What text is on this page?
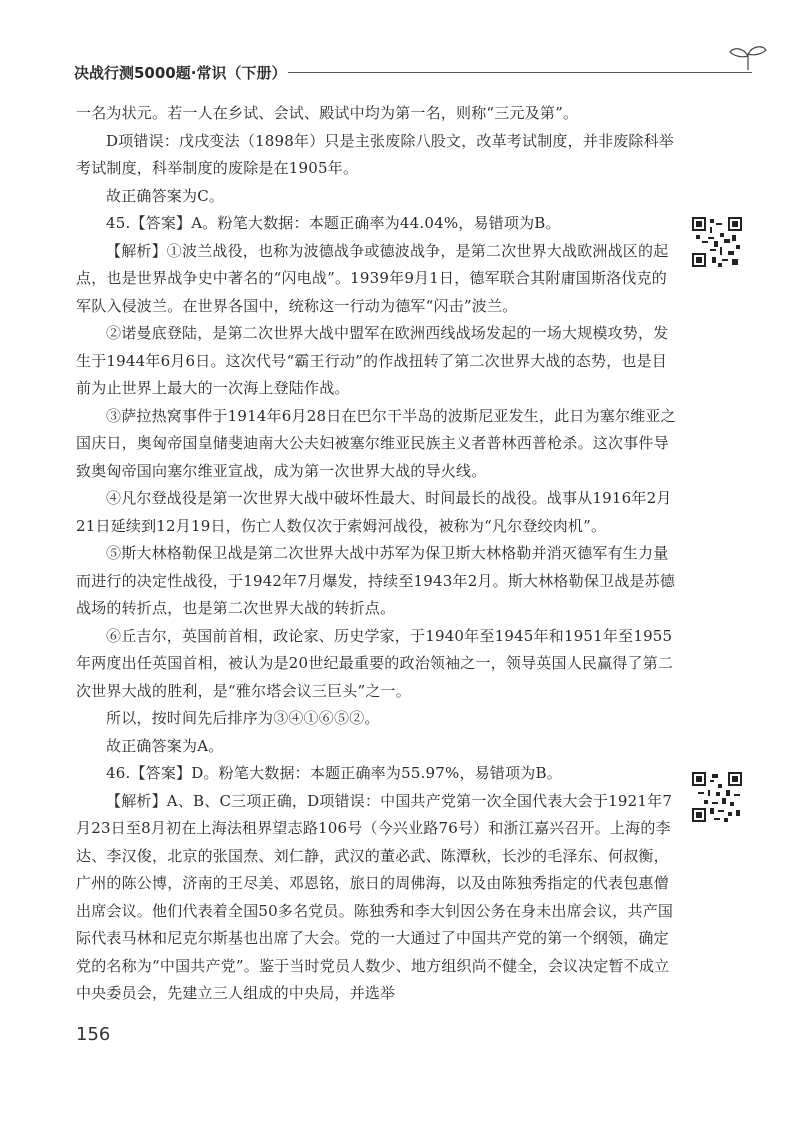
决战行测5000题·常识（下册）

一名为状元。若一人在乡试、会试、殿试中均为第一名，则称“三元及第”。

D项错误：戊戌变法（1898年）只是主张废除八股文，改革考试制度，并非废除科举考试制度，科举制度的废除是在1905年。

故正确答案为C。

45.【答案】A。粉笔大数据：本题正确率为44.04%，易错项为B。

【解析】①波兰战役，也称为波德战争或德波战争，是第二次世界大战欧洲战区的起点，也是世界战争史中著名的“闪电战”。1939年9月1日，德军联合其附庸国斯洛伐克的军队入侵波兰。在世界各国中，统称这一行动为德军“闪击”波兰。

②诺曼底登陆，是第二次世界大战中盟军在欧洲西线战场发起的一场大规模攻势，发生于1944年6月6日。这次代号“霸王行动”的作战扭转了第二次世界大战的态势，也是目前为止世界上最大的一次海上登陆作战。

③萨拉热窝事件于1914年6月28日在巴尔干半岛的波斯尼亚发生，此日为塞尔维亚之国庆日，奥匈帝国皇储斐迪南大公夫妇被塞尔维亚民族主义者普林西普枪杀。这次事件导致奥匈帝国向塞尔维亚宣战，成为第一次世界大战的导火线。

④凡尔登战役是第一次世界大战中破坏性最大、时间最长的战役。战事从1916年2月21日延续到12月19日，伤亡人数仅次于索姆河战役，被称为“凡尔登绞肉机”。

⑤斯大林格勒保卫战是第二次世界大战中苏军为保卫斯大林格勒并消灭德军有生力量而进行的决定性战役，于1942年7月爆发，持续至1943年2月。斯大林格勒保卫战是苏德战场的转折点，也是第二次世界大战的转折点。

⑥丘吉尔，英国前首相，政论家、历史学家，于1940年至1945年和1951年至1955年两度出任英国首相，被认为是20世纪最重要的政治领袖之一，领导英国人民赢得了第二次世界大战的胜利，是“雅尔塔会议三巨头”之一。

所以，按时间先后排序为③④①⑥⑤②。

故正确答案为A。

46.【答案】D。粉笔大数据：本题正确率为55.97%，易错项为B。

【解析】A、B、C三项正确，D项错误：中国共产党第一次全国代表大会于1921年7月23日至8月初在上海法租界望志路106号（今兴业路76号）和浙江嘉兴召开。上海的李达、李汉俊，北京的张国焘、刘仁静，武汉的董必武、陈潭秋，长沙的毛泽东、何叔衡，广州的陈公博，济南的王尽美、邓恩铭，旅日的周佛海，以及由陈独秀指定的代表包惠僧出席会议。他们代表着全国50多名党员。陈独秀和李大钊因公务在身未出席会议，共产国际代表马林和尼克尔斯基也出席了大会。党的一大通过了中国共产党的第一个纲领，确定党的名称为“中国共产党”。鉴于当时党员人数少、地方组织尚不健全，会议决定暂不成立中央委员会，先建立三人组成的中央局，并选举

156
